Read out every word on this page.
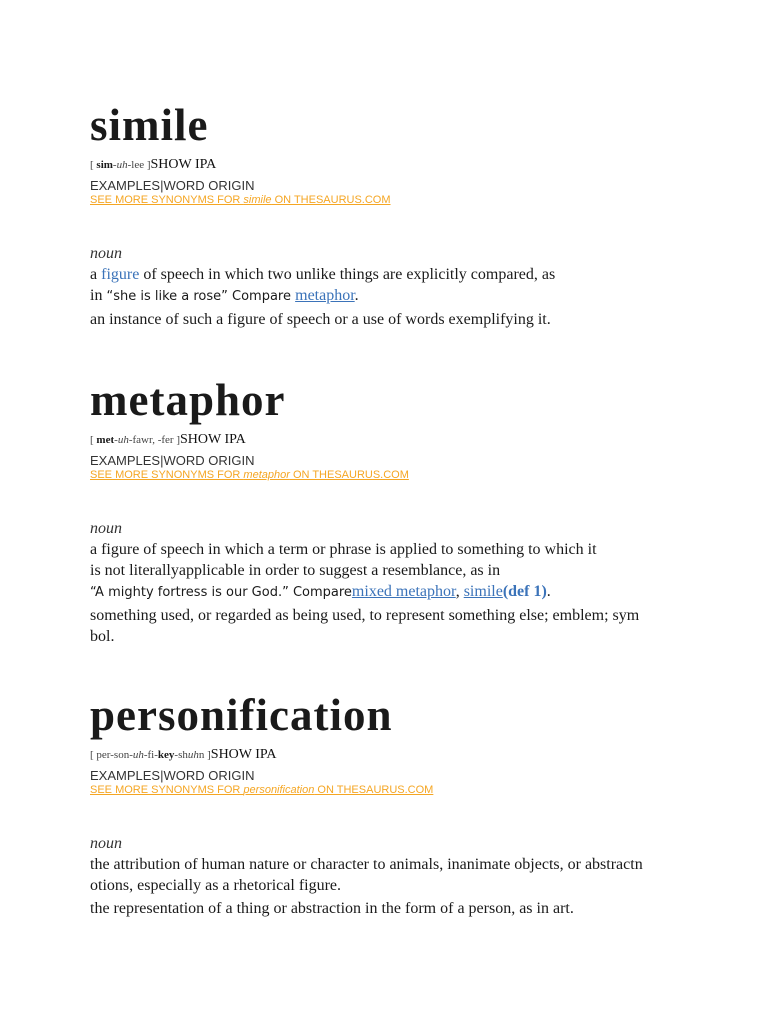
simile
[ sim-uh-lee ]SHOW IPA
EXAMPLES|WORD ORIGIN
SEE MORE SYNONYMS FOR simile ON THESAURUS.COM
noun
a figure of speech in which two unlike things are explicitly compared, as
in “she is like a rose” Compare metaphor.
an instance of such a figure of speech or a use of words exemplifying it.
metaphor
[ met-uh-fawr, -fer ]SHOW IPA
EXAMPLES|WORD ORIGIN
SEE MORE SYNONYMS FOR metaphor ON THESAURUS.COM
noun
a figure of speech in which a term or phrase is applied to something to which it
is not literallyapplicable in order to suggest a resemblance, as in
“A mighty fortress is our God.” Comparemixed metaphor, simile(def 1).
something used, or regarded as being used, to represent something else; emblem; sym
bol.
personification
[ per-son-uh-fi-key-shuhn ]SHOW IPA
EXAMPLES|WORD ORIGIN
SEE MORE SYNONYMS FOR personification ON THESAURUS.COM
noun
the attribution of human nature or character to animals, inanimate objects, or abstractn
otions, especially as a rhetorical figure.
the representation of a thing or abstraction in the form of a person, as in art.
